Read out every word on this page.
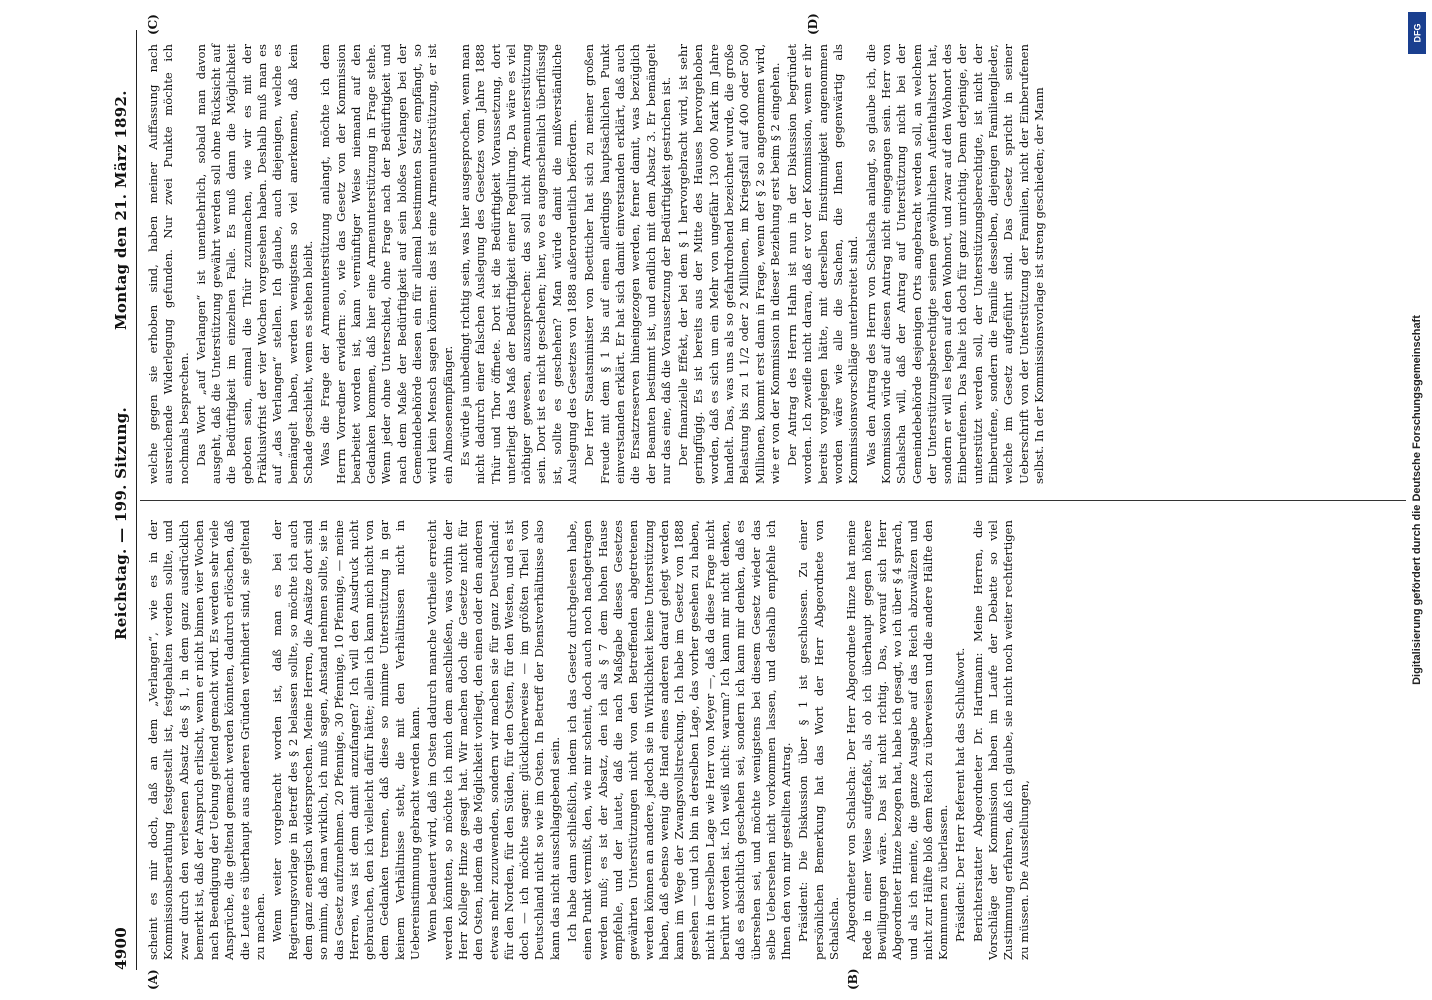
4900
Reichstag. — 199. Sitzung.
Montag den 21. März 1892.
(A)	(B)
(C)	(D)

scheint es mir doch, daß an dem „Verlangen“, wie es in der Kommissionsberathung festgestellt ist, festgehalten werden sollte, und zwar durch den verlesenen Absatz des § 1, in dem ganz ausdrücklich bemerkt ist, daß der Anspruch erlischt, wenn er nicht binnen vier Wochen nach Beendigung der Uebung geltend gemacht wird. Es werden sehr viele Ansprüche, die geltend gemacht werden könnten, dadurch erlöschen, daß die Leute es überhaupt aus anderen Gründen verhindert sind, sie geltend zu machen. Wenn weiter vorgebracht worden ist, daß man es bei der Regierungsvorlage in Betreff des § 2 belassen sollte, so möchte ich auch dem ganz energisch widersprechen. Meine Herren, die Ansätze dort sind so minim, daß man wirklich, ich muß sagen, Anstand nehmen sollte, sie in das Gesetz aufzunehmen. 20 Pfennige, 30 Pfennige, 10 Pfennige, — meine Herren, was ist denn damit anzufangen? Ich will den Ausdruck nicht gebrauchen, den ich vielleicht dafür hätte; allein ich kann mich nicht von dem Gedanken trennen, daß diese so minime Unterstützung in gar keinem Verhältnisse steht, die mit den Verhältnissen nicht in Uebereinstimmung gebracht werden kann. Wenn bedauert wird, daß im Osten dadurch manche Vortheile erreicht werden könnten, so möchte ich mich dem anschließen, was vorhin der Herr Kollege Hinze gesagt hat. Wir machen doch die Gesetze nicht für den Osten, indem da die Möglichkeit vorliegt, den einen oder den anderen etwas mehr zuzuwenden, sondern wir machen sie für ganz Deutschland: für den Norden, für den Süden, für den Osten, für den Westen, und es ist doch — ich möchte sagen: glücklicherweise — im größten Theil von Deutschland nicht so wie im Osten. In Betreff der Dienstverhältnisse also kann das nicht ausschlaggebend sein. Ich habe dann schließlich, indem ich das Gesetz durchgelesen habe, einen Punkt vermißt, den, wie mir scheint, doch auch noch nachgetragen werden muß; es ist der Absatz, den ich als § 7 dem hohen Hause empfehle, und der lautet, daß die nach Maßgabe dieses Gesetzes gewährten Unterstützungen nicht von den Betreffenden abgetretenen werden können an andere, jedoch sie in Wirklichkeit keine Unterstützung haben, daß ebenso wenig die Hand eines anderen darauf gelegt werden kann im Wege der Zwangsvollstreckung. Ich habe im Gesetz von 1888 gesehen — und ich bin in derselben Lage, das vorher gesehen zu haben, nicht in derselben Lage wie Herr von Meyer —, daß da diese Frage nicht berührt worden ist. Ich weiß nicht: warum? Ich kann mir nicht denken, daß es absichtlich geschehen sei, sondern ich kann mir denken, daß es übersehen sei, und möchte wenigstens bei diesem Gesetz wieder das selbe Uebersehen nicht vorkommen lassen, und deshalb empfehle ich Ihnen den von mir gestellten Antrag. Präsident: Die Diskussion über § 1 ist geschlossen. Zu einer persönlichen Bemerkung hat das Wort der Herr Abgeordnete von Schalscha. Abgeordneter von Schalscha: Der Herr Abgeordnete Hinze hat meine Rede in einer Weise aufgefaßt, als ob ich überhaupt gegen höhere Bewilligungen wäre. Das ist nicht richtig. Das, worauf sich Herr Abgeordneter Hinze bezogen hat, habe ich gesagt, wo ich über § 4 sprach, und als ich meinte, die ganze Ausgabe auf das Reich abzuwälzen und nicht zur Hälfte bloß dem Reich zu überweisen und die andere Hälfte den Kommunen zu überlassen. Präsident: Der Herr Referent hat das Schlußwort. Berichterstatter Abgeordneter Dr. Hartmann: Meine Herren, die Vorschläge der Kommission haben im Laufe der Debatte so viel Zustimmung erfahren, daß ich glaube, sie nicht noch weiter rechtfertigen zu müssen. Die Ausstellungen,

welche gegen sie erhoben sind, haben meiner Auffassung nach ausreichende Widerlegung gefunden. Nur zwei Punkte möchte ich nochmals besprechen. Das Wort „auf Verlangen“ ist unentbehrlich, sobald man davon ausgeht, daß die Unterstützung gewährt werden soll ohne Rücksicht auf die Bedürftigkeit im einzelnen Falle. Es muß dann die Möglichkeit geboten sein, einmal die Thür zuzumachen, wie wir es mit der Präklusivfrist der vier Wochen vorgesehen haben. Deshalb muß man es auf „das Verlangen“ stellen. Ich glaube, auch diejenigen, welche es bemängelt haben, werden wenigstens so viel anerkennen, daß kein Schade geschieht, wenn es stehen bleibt. Was die Frage der Armenunterstützung anlangt, möchte ich dem Herrn Vorredner erwidern: so, wie das Gesetz von der Kommission bearbeitet worden ist, kann vernünftiger Weise niemand auf den Gedanken kommen, daß hier eine Armenunterstützung in Frage stehe. Wenn jeder ohne Unterschied, ohne Frage nach der Bedürftigkeit und nach dem Maße der Bedürftigkeit auf sein bloßes Verlangen bei der Gemeindebehörde diesen ein für allemal bestimmten Satz empfängt, so wird kein Mensch sagen können: das ist eine Armenunterstützung, er ist ein Almosenempfänger. Es würde ja unbedingt richtig sein, was hier ausgesprochen, wenn man nicht dadurch einer falschen Auslegung des Gesetzes vom Jahre 1888 Thür und Thor öffnete. Dort ist die Bedürftigkeit Voraussetzung, dort unterliegt das Maß der Bedürftigkeit einer Regulirung. Da wäre es viel nöthiger gewesen, auszusprechen: das soll nicht Armenunterstützung sein. Dort ist es nicht geschehen; hier, wo es augenscheinlich überflüssig ist, sollte es geschehen? Man würde damit die mißverständliche Auslegung des Gesetzes von 1888 außerordentlich befördern. Der Herr Staatsminister von Boetticher hat sich zu meiner großen Freude mit dem § 1 bis auf einen allerdings hauptsächlichen Punkt einverstanden erklärt. Er hat sich damit einverstanden erklärt, daß auch die Ersatzreserven hineingezogen werden, ferner damit, was bezüglich der Beamten bestimmt ist, und endlich mit dem Absatz 3. Er bemängelt nur das eine, daß die Voraussetzung der Bedürftigkeit gestrichen ist. Der finanzielle Effekt, der bei dem § 1 hervorgebracht wird, ist sehr geringfügig. Es ist bereits aus der Mitte des Hauses hervorgehoben worden, daß es sich um ein Mehr von ungefähr 130 000 Mark im Jahre handelt. Das, was uns als so gefahrdrohend bezeichnet wurde, die große Belastung bis zu 1 1/2 oder 2 Millionen, im Kriegsfall auf 400 oder 500 Millionen, kommt erst dann in Frage, wenn der § 2 so angenommen wird, wie er von der Kommission in dieser Beziehung erst beim § 2 eingehen. Der Antrag des Herrn Hahn ist nun in der Diskussion begründet worden. Ich zweifle nicht daran, daß er vor der Kommission, wenn er ihr bereits vorgelegen hätte, mit derselben Einstimmigkeit angenommen worden wäre wie alle die Sachen, die Ihnen gegenwärtig als Kommissionsvorschläge unterbreitet sind. Was den Antrag des Herrn von Schalscha anlangt, so glaube ich, die Kommission würde auf diesen Antrag nicht eingegangen sein. Herr von Schalscha will, daß der Antrag auf Unterstützung nicht bei der Gemeindebehörde desjenigen Orts angebracht werden soll, an welchem der Unterstützungsberechtigte seinen gewöhnlichen Aufenthaltsort hat, sondern er will es legen auf den Wohnort, und zwar auf den Wohnort des Einberufenen. Das halte ich doch für ganz unrichtig. Denn derjenige, der unterstützt werden soll, der Unterstützungsberechtigte, ist nicht der Einberufene, sondern die Familie desselben, diejenigen Familienglieder, welche im Gesetz aufgeführt sind. Das Gesetz spricht in seiner Ueberschrift von der Unterstützung der Familien, nicht der Einberufenen selbst. In der Kommissionsvorlage ist streng geschieden; der Mann

DFG
Digitalisierung gefördert durch die Deutsche Forschungsgemeinschaft
